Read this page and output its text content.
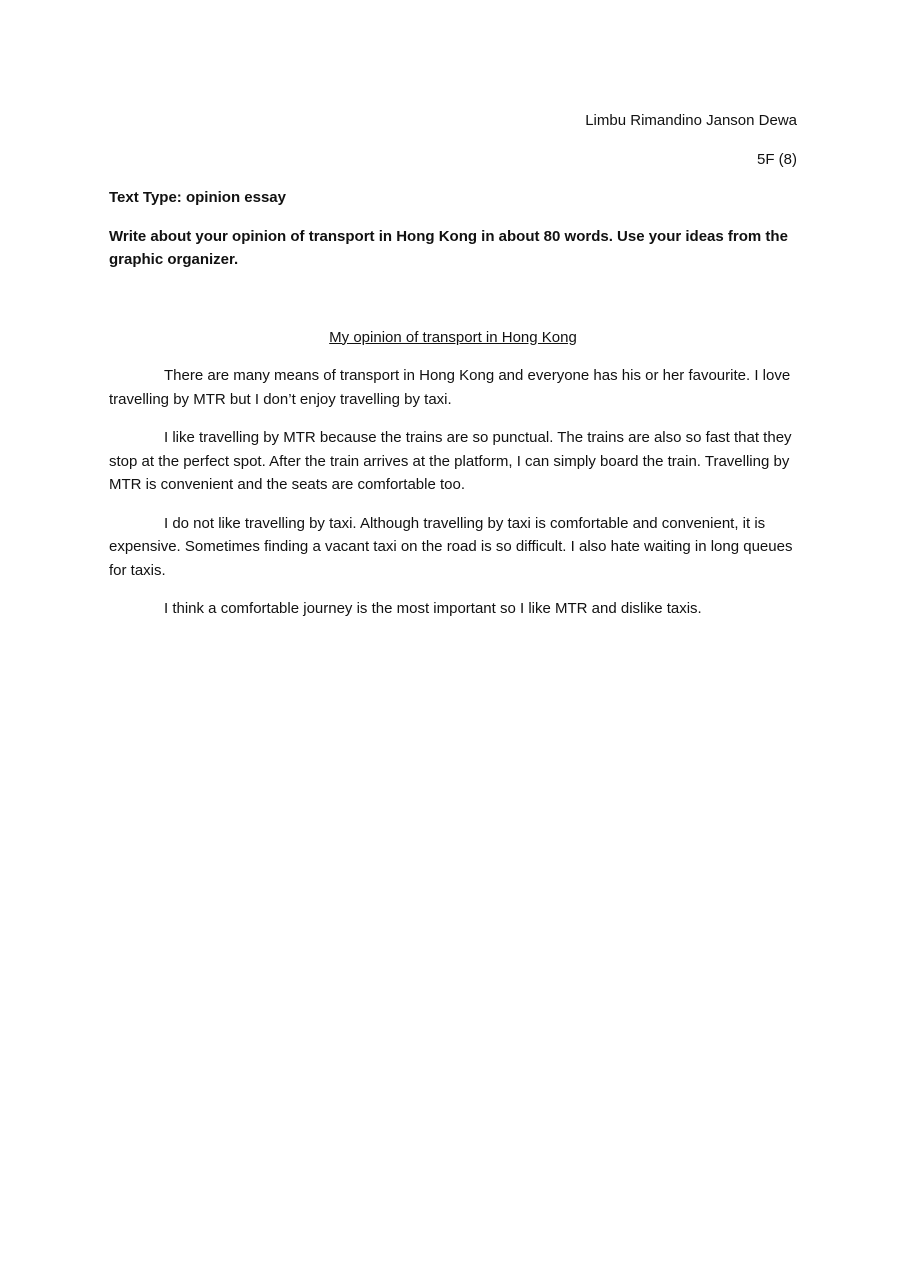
Limbu Rimandino Janson Dewa

5F (8)

Text Type: opinion essay

Write about your opinion of transport in Hong Kong in about 80 words. Use your ideas from the graphic organizer.

My opinion of transport in Hong Kong

There are many means of transport in Hong Kong and everyone has his or her favourite. I love travelling by MTR but I don’t enjoy travelling by taxi.

I like travelling by MTR because the trains are so punctual. The trains are also so fast that they stop at the perfect spot. After the train arrives at the platform, I can simply board the train. Travelling by MTR is convenient and the seats are comfortable too.

I do not like travelling by taxi. Although travelling by taxi is comfortable and convenient, it is expensive. Sometimes finding a vacant taxi on the road is so difficult. I also hate waiting in long queues for taxis.

I think a comfortable journey is the most important so I like MTR and dislike taxis.
